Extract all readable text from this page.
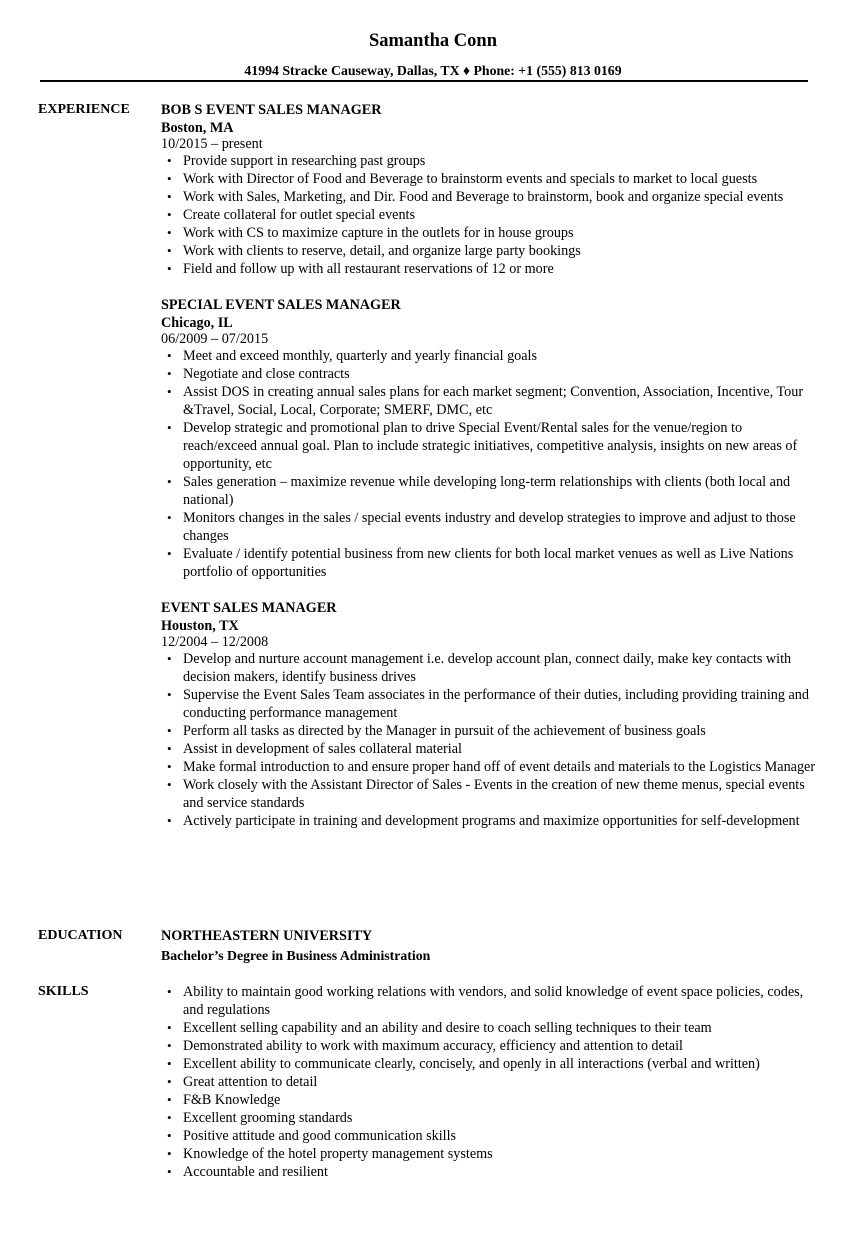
Samantha Conn
41994 Stracke Causeway, Dallas, TX ♦ Phone: +1 (555) 813 0169
EXPERIENCE BOB S EVENT SALES MANAGER
Boston, MA
10/2015 – present
• Provide support in researching past groups
• Work with Director of Food and Beverage to brainstorm events and specials to market to local guests
• Work with Sales, Marketing, and Dir. Food and Beverage to brainstorm, book and organize special events
• Create collateral for outlet special events
• Work with CS to maximize capture in the outlets for in house groups
• Work with clients to reserve, detail, and organize large party bookings
• Field and follow up with all restaurant reservations of 12 or more
SPECIAL EVENT SALES MANAGER
Chicago, IL
06/2009 – 07/2015
• Meet and exceed monthly, quarterly and yearly financial goals
• Negotiate and close contracts
• Assist DOS in creating annual sales plans for each market segment; Convention, Association, Incentive, Tour &Travel, Social, Local, Corporate; SMERF, DMC, etc
• Develop strategic and promotional plan to drive Special Event/Rental sales for the venue/region to reach/exceed annual goal. Plan to include strategic initiatives, competitive analysis, insights on new areas of opportunity, etc
• Sales generation – maximize revenue while developing long-term relationships with clients (both local and national)
• Monitors changes in the sales / special events industry and develop strategies to improve and adjust to those changes
• Evaluate / identify potential business from new clients for both local market venues as well as Live Nations portfolio of opportunities
EVENT SALES MANAGER
Houston, TX
12/2004 – 12/2008
• Develop and nurture account management i.e. develop account plan, connect daily, make key contacts with decision makers, identify business drives
• Supervise the Event Sales Team associates in the performance of their duties, including providing training and conducting performance management
• Perform all tasks as directed by the Manager in pursuit of the achievement of business goals
• Assist in development of sales collateral material
• Make formal introduction to and ensure proper hand off of event details and materials to the Logistics Manager
• Work closely with the Assistant Director of Sales - Events in the creation of new theme menus, special events and service standards
• Actively participate in training and development programs and maximize opportunities for self-development
EDUCATION	NORTHEASTERN UNIVERSITY
Bachelor’s Degree in Business Administration
SKILLS
•	Ability to maintain good working relations with vendors, and solid knowledge of event space policies, codes, and regulations
• Excellent selling capability and an ability and desire to coach selling techniques to their team
• Demonstrated ability to work with maximum accuracy, efficiency and attention to detail
• Excellent ability to communicate clearly, concisely, and openly in all interactions (verbal and written)
• Great attention to detail
• F&B Knowledge
• Excellent grooming standards
• Positive attitude and good communication skills
• Knowledge of the hotel property management systems
• Accountable and resilient
